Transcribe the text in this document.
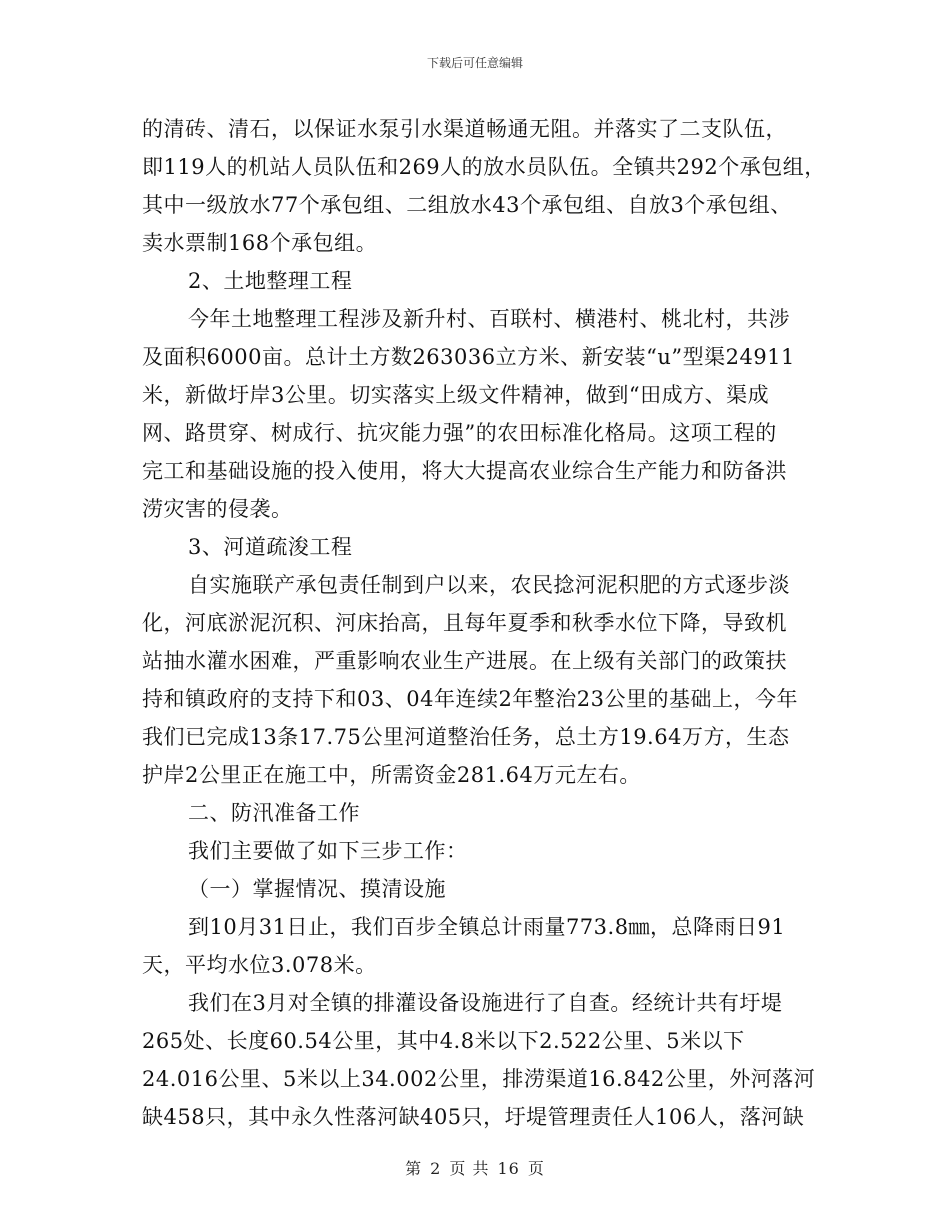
下载后可任意编辑
的清砖、清石，以保证水泵引水渠道畅通无阻。并落实了二支队伍，
即119人的机站人员队伍和269人的放水员队伍。全镇共292个承包组，
其中一级放水77个承包组、二组放水43个承包组、自放3个承包组、
卖水票制168个承包组。
2、土地整理工程
今年土地整理工程涉及新升村、百联村、横港村、桃北村，共涉
及面积6000亩。总计土方数263036立方米、新安装“u”型渠24911
米，新做圩岸3公里。切实落实上级文件精神，做到“田成方、渠成
网、路贯穿、树成行、抗灾能力强”的农田标准化格局。这项工程的
完工和基础设施的投入使用，将大大提高农业综合生产能力和防备洪
涝灾害的侵袭。
3、河道疏浚工程
自实施联产承包责任制到户以来，农民捻河泥积肥的方式逐步淡
化，河底淤泥沉积、河床抬高，且每年夏季和秋季水位下降，导致机
站抽水灌水困难，严重影响农业生产进展。在上级有关部门的政策扶
持和镇政府的支持下和03、04年连续2年整治23公里的基础上，今年
我们已完成13条17.75公里河道整治任务，总土方19.64万方，生态
护岸2公里正在施工中，所需资金281.64万元左右。
二、防汛准备工作
我们主要做了如下三步工作：
（一）掌握情况、摸清设施
到10月31日止，我们百步全镇总计雨量773.8㎜，总降雨日91
天，平均水位3.078米。
我们在3月对全镇的排灌设备设施进行了自查。经统计共有圩堤
265处、长度60.54公里，其中4.8米以下2.522公里、5米以下
24.016公里、5米以上34.002公里，排涝渠道16.842公里，外河落河
缺458只，其中永久性落河缺405只，圩堤管理责任人106人，落河缺
第 2 页 共 16 页
